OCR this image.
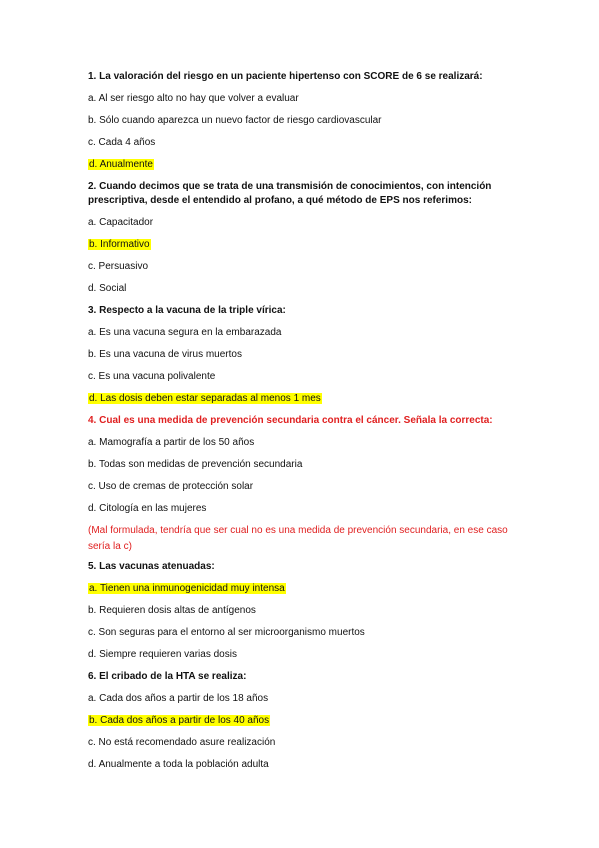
1. La valoración del riesgo en un paciente hipertenso con SCORE de 6 se realizará:
a. Al ser riesgo alto no hay que volver a evaluar
b. Sólo cuando aparezca un nuevo factor de riesgo cardiovascular
c. Cada 4 años
d. Anualmente
2. Cuando decimos que se trata de una transmisión de conocimientos, con intención
prescriptiva, desde el entendido al profano, a qué método de EPS nos referimos:
a. Capacitador
b. Informativo
c. Persuasivo
d. Social
3. Respecto a la vacuna de la triple vírica:
a. Es una vacuna segura en la embarazada
b. Es una vacuna de virus muertos
c. Es una vacuna polivalente
d. Las dosis deben estar separadas al menos 1 mes
4. Cual es una medida de prevención secundaria contra el cáncer. Señala la correcta:
a. Mamografía a partir de los 50 años
b. Todas son medidas de prevención secundaria
c. Uso de cremas de protección solar
d. Citología en las mujeres
(Mal formulada, tendría que ser cual no es una medida de prevención secundaria, en ese caso
sería la c)
5. Las vacunas atenuadas:
a. Tienen una inmunogenicidad muy intensa
b. Requieren dosis altas de antígenos
c. Son seguras para el entorno al ser microorganismo muertos
d. Siempre requieren varias dosis
6. El cribado de la HTA se realiza:
a. Cada dos años a partir de los 18 años
b. Cada dos años a partir de los 40 años
c. No está recomendado asure realización
d. Anualmente a toda la población adulta
